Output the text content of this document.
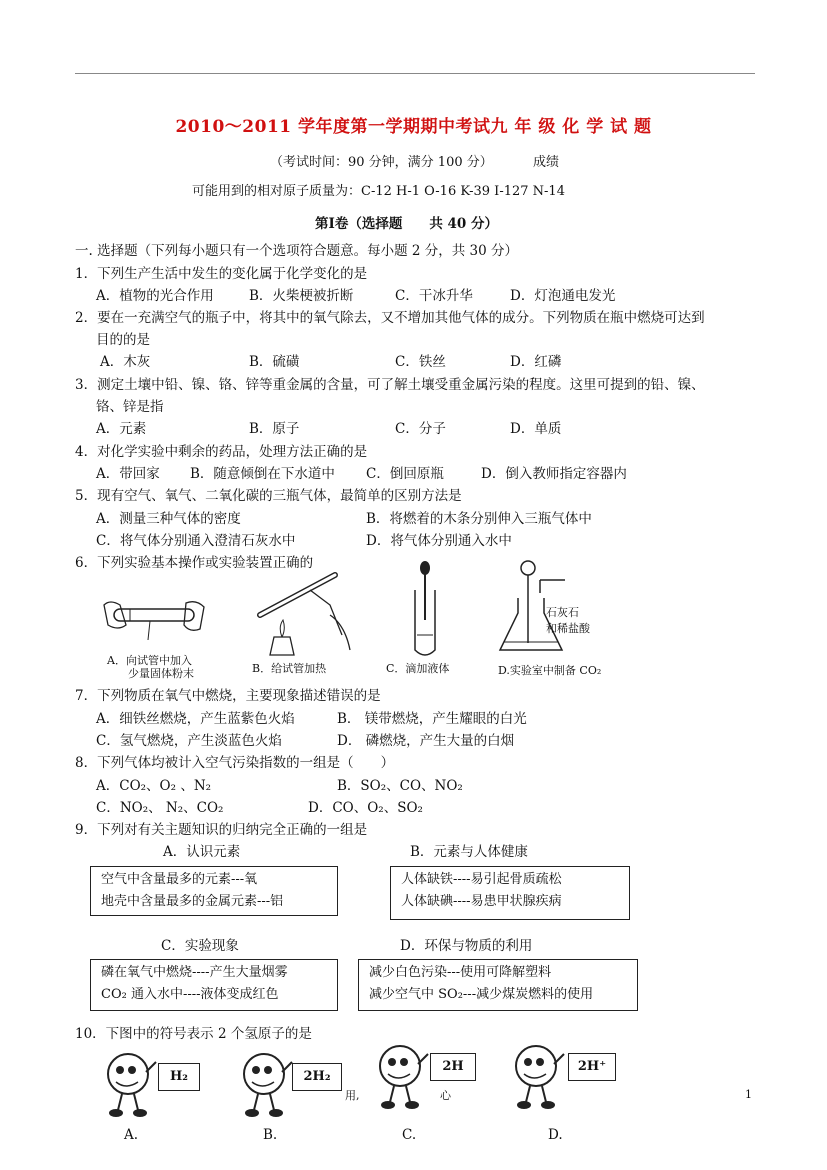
2010～2011 学年度第一学期期中考试九 年 级 化 学 试 题
（考试时间：90 分钟，满分 100 分）	成绩
可能用到的相对原子质量为：C-12 H-1 O-16 K-39 I-127 N-14
第Ⅰ卷（选择题　　共 40 分）
一. 选择题（下列每小题只有一个选项符合题意。每小题 2 分，共 30 分）
1．下列生产生活中发生的变化属于化学变化的是
A．植物的光合作用	B．火柴梗被折断	C．干冰升华	D．灯泡通电发光
2．要在一充满空气的瓶子中，将其中的氧气除去，又不增加其他气体的成分。下列物质在瓶中燃烧可达到
目的的是
A．木灰	B．硫磺	C．铁丝	D．红磷
3．测定土壤中铅、镍、铬、锌等重金属的含量，可了解土壤受重金属污染的程度。这里可提到的铅、镍、
铬、锌是指
A．元素	B．原子	C．分子	D．单质
4．对化学实验中剩余的药品，处理方法正确的是
A．带回家 B．随意倾倒在下水道中 C．倒回原瓶	D．倒入教师指定容器内
5．现有空气、氧气、二氧化碳的三瓶气体，最简单的区别方法是
A．测量三种气体的密度	B．将燃着的木条分别伸入三瓶气体中
C．将气体分别通入澄清石灰水中	D．将气体分别通入水中
6．下列实验基本操作或实验装置正确的
A．向试管中加入
少量固体粉末	B．给试管加热	C．滴加液体
石灰石
和稀盐酸
D.实验室中制备 CO₂
7．下列物质在氧气中燃烧，主要现象描述错误的是
A．细铁丝燃烧，产生蓝紫色火焰	B． 镁带燃烧，产生耀眼的白光
C．氢气燃烧，产生淡蓝色火焰	D． 磷燃烧，产生大量的白烟
8．下列气体均被计入空气污染指数的一组是（　　）
A．CO₂、O₂ 、N₂	B．SO₂、CO、NO₂
C．NO₂、 N₂、CO₂	D．CO、O₂、SO₂
9．下列对有关主题知识的归纳完全正确的一组是
A．认识元素	B．元素与人体健康
空气中含量最多的元素---氧
地壳中含量最多的金属元素---铝
人体缺铁----易引起骨质疏松
人体缺碘----易患甲状腺疾病
C．实验现象	D．环保与物质的利用
磷在氧气中燃烧----产生大量烟雾
CO₂ 通入水中----液体变成红色
减少白色污染---使用可降解塑料
减少空气中 SO₂---减少煤炭燃料的使用
10．下图中的符号表示 2 个氢原子的是
H₂	2H₂
2H	2H⁺
用,	心
A.	B.	C.	D.
1
